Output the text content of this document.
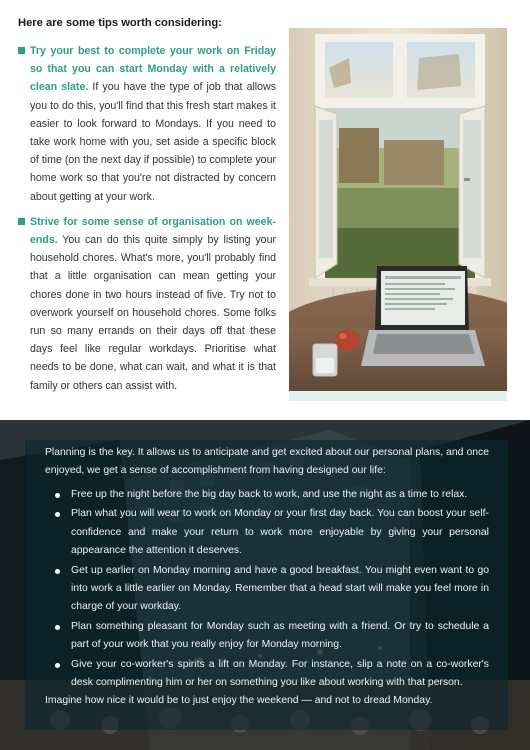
Here are some tips worth considering:
Try your best to complete your work on Friday so that you can start Monday with a relatively clean slate. If you have the type of job that allows you to do this, you'll find that this fresh start makes it easier to look forward to Mondays. If you need to take work home with you, set aside a specific block of time (on the next day if possible) to complete your home work so that you're not distracted by concern about getting at your work.
Strive for some sense of organisation on week-ends. You can do this quite simply by listing your household chores. What's more, you'll probably find that a little organisation can mean getting your chores done in two hours instead of five. Try not to overwork yourself on household chores. Some folks run so many errands on their days off that these days feel like regular workdays. Prioritise what needs to be done, what can wait, and what it is that family or others can assist with.
Planning is the key. It allows us to anticipate and get excited about our personal plans, and once enjoyed, we get a sense of accomplishment from having designed our life:
Free up the night before the big day back to work, and use the night as a time to relax.
Plan what you will wear to work on Monday or your first day back. You can boost your self-confidence and make your return to work more enjoyable by giving your personal appearance the attention it deserves.
Get up earlier on Monday morning and have a good breakfast. You might even want to go into work a little earlier on Monday. Remember that a head start will make you feel more in charge of your workday.
Plan something pleasant for Monday such as meeting with a friend. Or try to schedule a part of your work that you really enjoy for Monday morning.
Give your co-worker's spirits a lift on Monday. For instance, slip a note on a co-worker's desk complimenting him or her on something you like about working with that person.
Imagine how nice it would be to just enjoy the weekend — and not to dread Monday.
